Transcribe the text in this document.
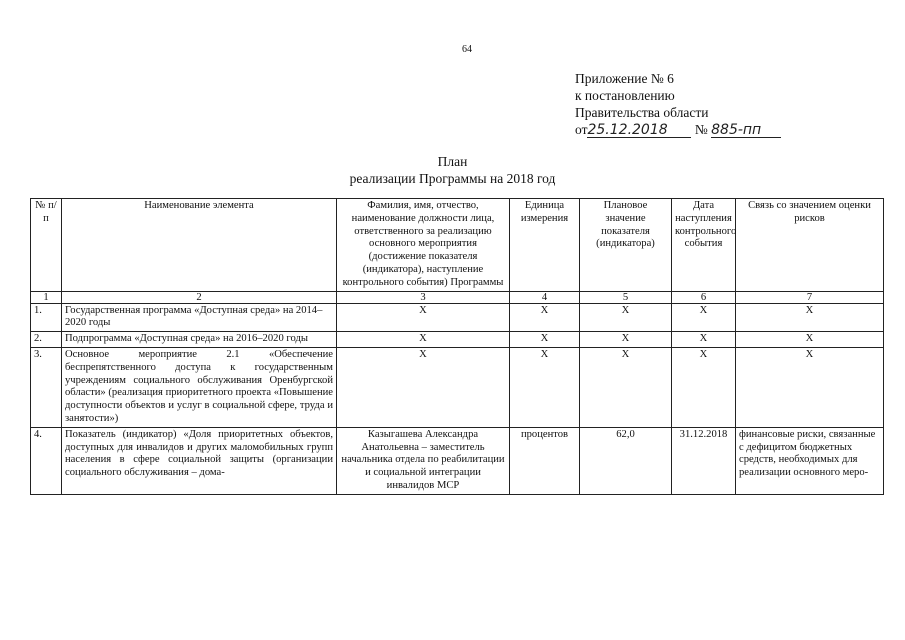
64
Приложение № 6
к постановлению
Правительства области
от25.12.2018 № 885-пп
План
реализации Программы на 2018 год
№ п/п	Наименование элемента	Фамилия, имя, отчество, наименование должности лица, ответственного за реализацию основного мероприятия (достижение показателя (индикатора), наступление контрольного события) Программы	Единица измерения	Плановое значение показателя (индикатора)	Дата наступления контрольного события	Связь со значением оценки рисков
1	2	3	4	5	6	7
1.	Государственная программа «Доступная среда» на 2014–2020 годы	Х	Х	Х	Х	Х
2.	Подпрограмма «Доступная среда» на 2016–2020 годы	Х	Х	Х	Х	Х
3.	Основное мероприятие 2.1 «Обеспечение беспрепятственного доступа к государственным учреждениям социального обслуживания Оренбургской области» (реализация приоритетного проекта «Повышение доступности объектов и услуг в социальной сфере, труда и занятости»)	Х	Х	Х	Х	Х
4.	Показатель (индикатор) «Доля приоритетных объектов, доступных для инвалидов и других маломобильных групп населения в сфере социальной защиты (организации социального обслуживания – дома-	Казыгашева Александра Анатольевна – заместитель начальника отдела по реабилитации и социальной интеграции инвалидов МСР	процентов	62,0	31.12.2018	финансовые риски, связанные с дефицитом бюджетных средств, необходимых для реализации основного меро-
